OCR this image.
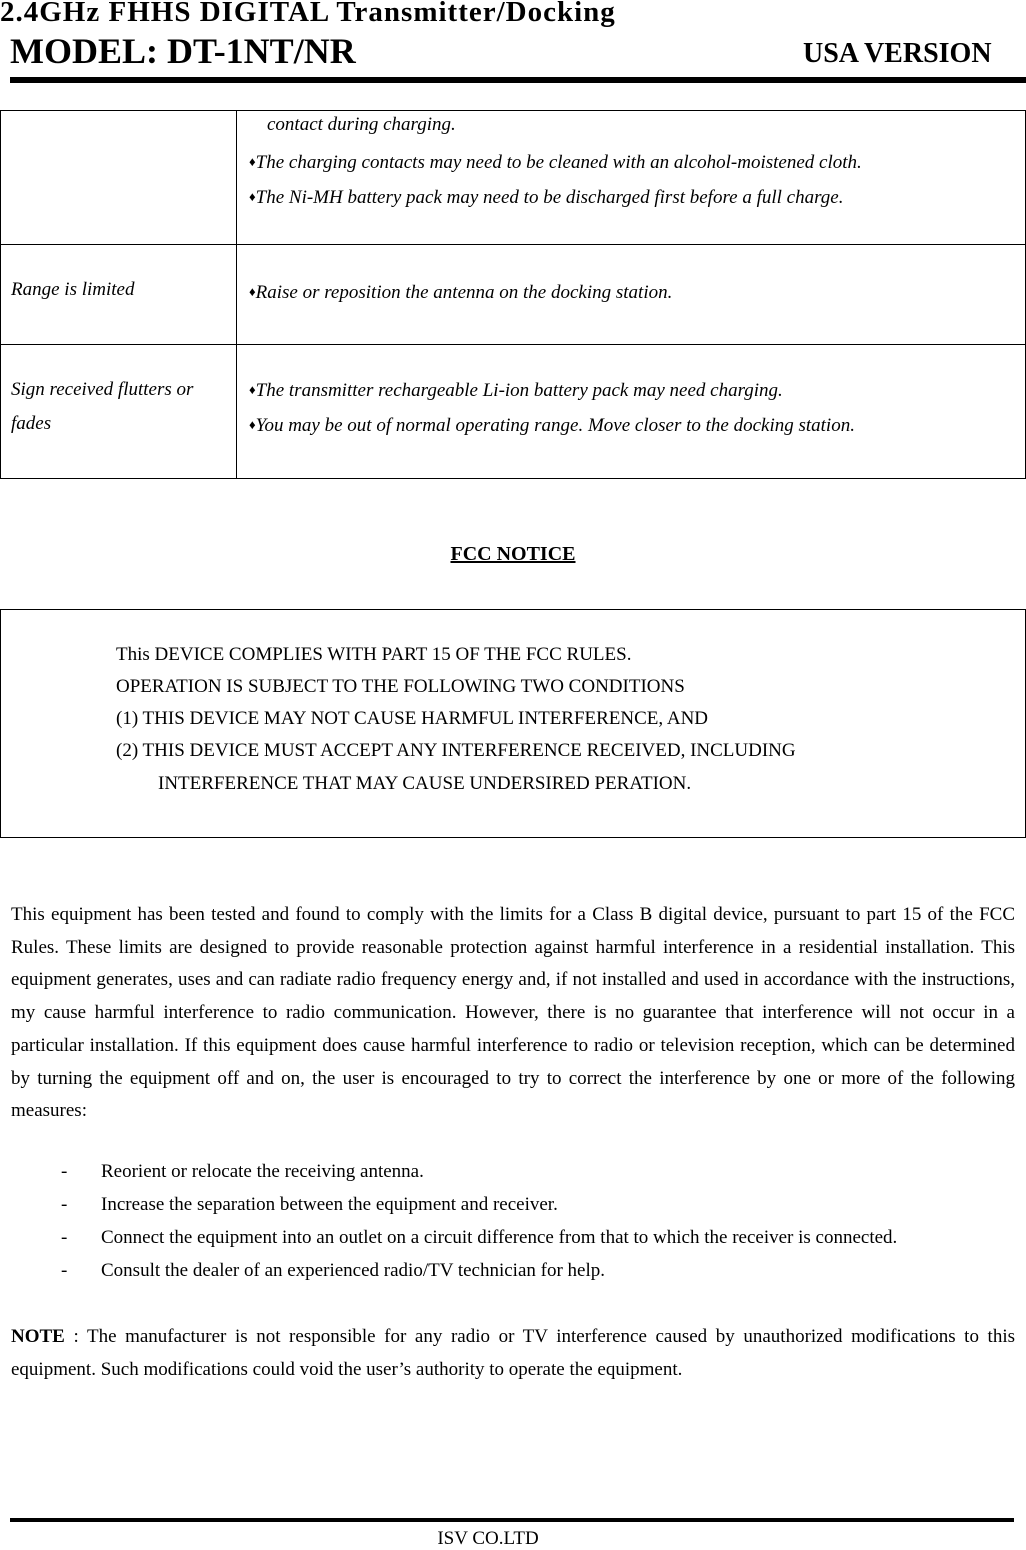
2.4GHz FHHS DIGITAL Transmitter/Docking
MODEL: DT-1NT/NR	USA VERSION

	contact during charging.
♦The charging contacts may need to be cleaned with an alcohol-moistened cloth.
♦The Ni-MH battery pack may need to be discharged first before a full charge.

Range is limited	♦Raise or reposition the antenna on the docking station.

Sign received flutters or fades	♦The transmitter rechargeable Li-ion battery pack may need charging.
♦You may be out of normal operating range. Move closer to the docking station.
FCC NOTICE
This DEVICE COMPLIES WITH PART 15 OF THE FCC RULES.
OPERATION IS SUBJECT TO THE FOLLOWING TWO CONDITIONS
(1) THIS DEVICE MAY NOT CAUSE HARMFUL INTERFERENCE, AND
(2) THIS DEVICE MUST ACCEPT ANY INTERFERENCE RECEIVED, INCLUDING
INTERFERENCE THAT MAY CAUSE UNDERSIRED PERATION.
This equipment has been tested and found to comply with the limits for a Class B digital device, pursuant to part 15 of the FCC Rules. These limits are designed to provide reasonable protection against harmful interference in a residential installation. This equipment generates, uses and can radiate radio frequency energy and, if not installed and used in accordance with the instructions, my cause harmful interference to radio communication. However, there is no guarantee that interference will not occur in a particular installation. If this equipment does cause harmful interference to radio or television reception, which can be determined by turning the equipment off and on, the user is encouraged to try to correct the interference by one or more of the following measures:
- Reorient or relocate the receiving antenna.
- Increase the separation between the equipment and receiver.
- Connect the equipment into an outlet on a circuit difference from that to which the receiver is connected.
- Consult the dealer of an experienced radio/TV technician for help.
NOTE : The manufacturer is not responsible for any radio or TV interference caused by unauthorized modifications to this equipment. Such modifications could void the user’s authority to operate the equipment.
ISV CO.LTD
